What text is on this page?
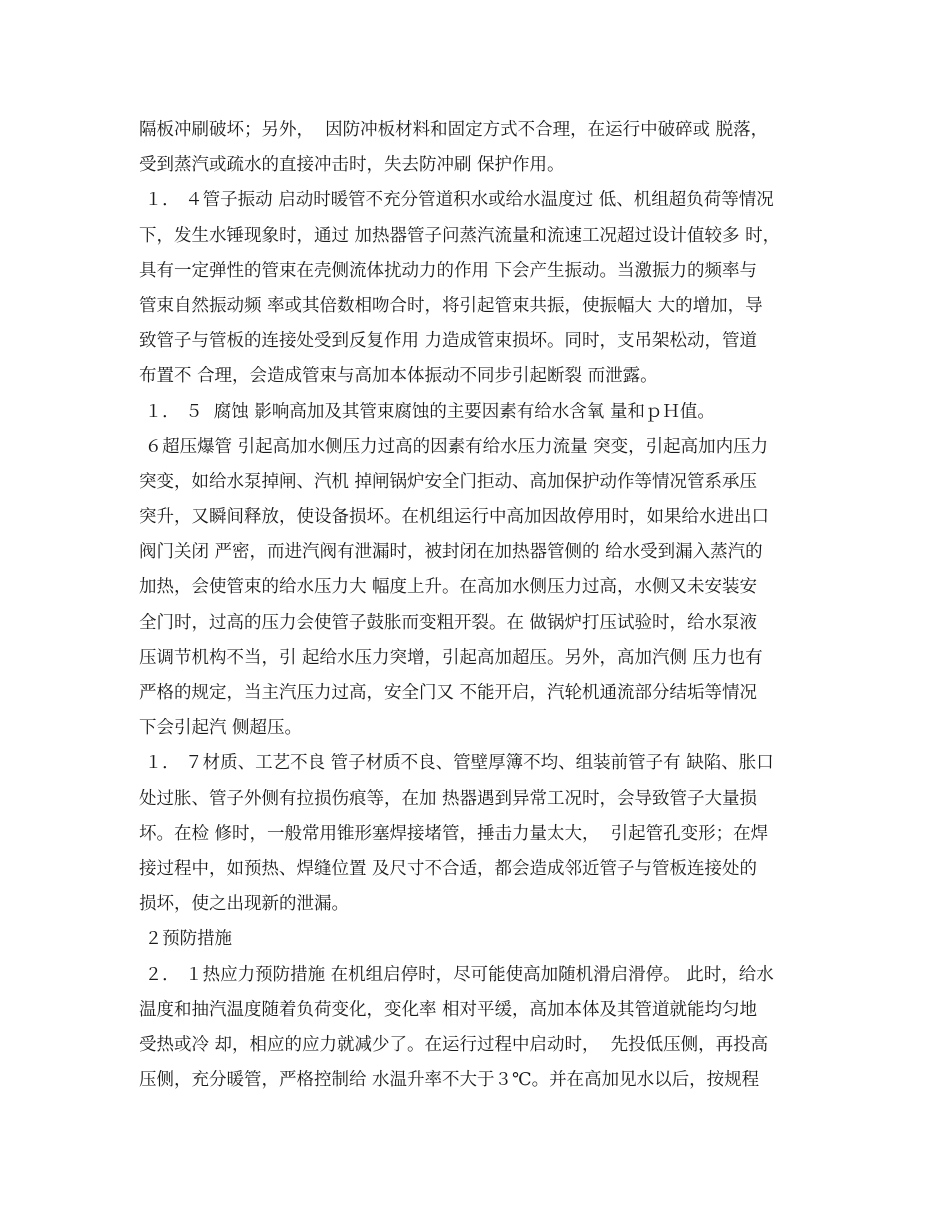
隔板冲刷破坏；另外，  因防冲板材料和固定方式不合理，在运行中破碎或 脱落，
受到蒸汽或疏水的直接冲击时，失去防冲刷 保护作用。
１． ４管子振动 启动时暖管不充分管道积水或给水温度过 低、机组超负荷等情况
下，发生水锤现象时，通过 加热器管子问蒸汽流量和流速工况超过设计值较多 时，
具有一定弹性的管束在壳侧流体扰动力的作用 下会产生振动。当激振力的频率与
管束自然振动频 率或其倍数相吻合时，将引起管束共振，使振幅大 大的增加，导
致管子与管板的连接处受到反复作用 力造成管束损坏。同时，支吊架松动，管道
布置不 合理，会造成管束与高加本体振动不同步引起断裂 而泄露。
１． ５  腐蚀 影响高加及其管束腐蚀的主要因素有给水含氧 量和ｐＨ值。
６超压爆管 引起高加水侧压力过高的因素有给水压力流量 突变，引起高加内压力
突变，如给水泵掉闸、汽机 掉闸锅炉安全门拒动、高加保护动作等情况管系承压
突升，又瞬间释放，使设备损坏。在机组运行中高加因故停用时，如果给水进出口
阀门关闭 严密，而进汽阀有泄漏时，被封闭在加热器管侧的 给水受到漏入蒸汽的
加热，会使管束的给水压力大 幅度上升。在高加水侧压力过高，水侧又未安装安
全门时，过高的压力会使管子鼓胀而变粗开裂。在 做锅炉打压试验时，给水泵液
压调节机构不当，引 起给水压力突增，引起高加超压。另外，高加汽侧 压力也有
严格的规定，当主汽压力过高，安全门又 不能开启，汽轮机通流部分结垢等情况
下会引起汽 侧超压。
１． ７材质、工艺不良 管子材质不良、管壁厚簿不均、组装前管子有 缺陷、胀口
处过胀、管子外侧有拉损伤痕等，在加 热器遇到异常工况时，会导致管子大量损
坏。在检 修时，一般常用锥形塞焊接堵管，捶击力量太大，  引起管孔变形；在焊
接过程中，如预热、焊缝位置 及尺寸不合适，都会造成邻近管子与管板连接处的
损坏，使之出现新的泄漏。
２预防措施
２． １热应力预防措施 在机组启停时，尽可能使高加随机滑启滑停。 此时，给水
温度和抽汽温度随着负荷变化，变化率 相对平缓，高加本体及其管道就能均匀地
受热或冷 却，相应的应力就减少了。在运行过程中启动时，  先投低压侧，再投高
压侧，充分暖管，严格控制给 水温升率不大于３℃。并在高加见水以后，按规程
